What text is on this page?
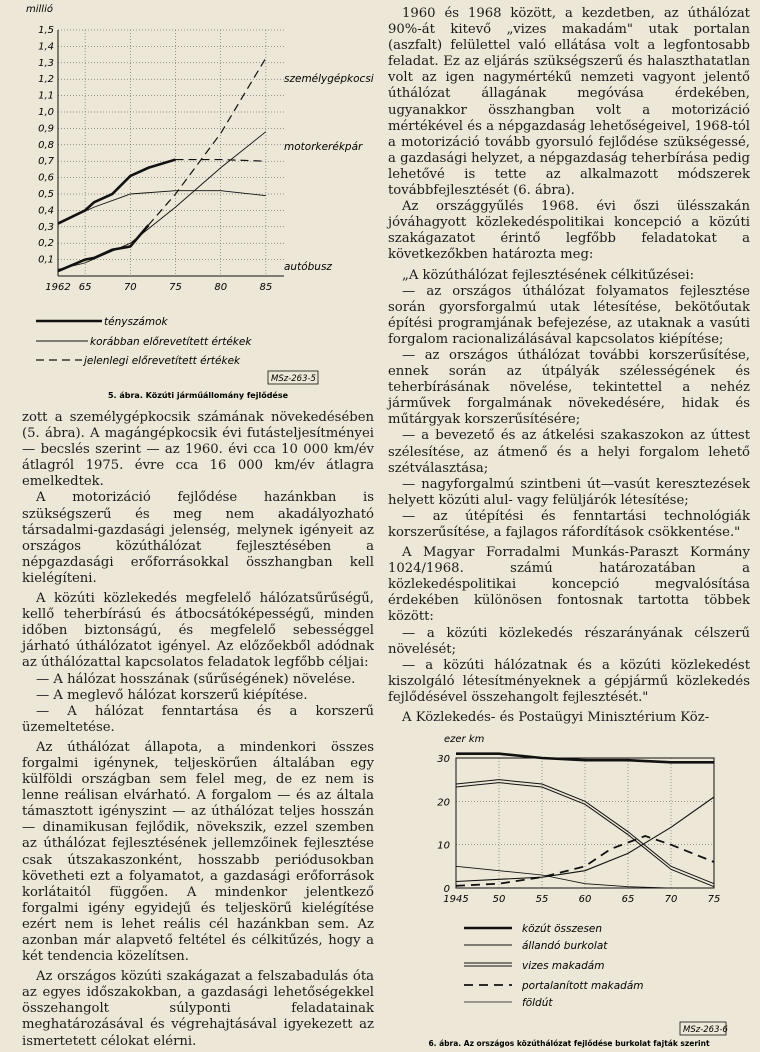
millió
1,5
1,4
1,3
1,2
1,1
1,0
0,9
0,8
0,7
0,6
0,5
0,4
0,3
0,2
0,1
1962 65	70	75	80	85
személygépkocsi
motorkerékpár
autóbusz
tényszámok
korábban előrevetített értékek
jelenlegi előrevetített értékek
MSz-263-5
5. ábra. Közúti járműállomány fejlődése

zott a személygépkocsik számának növekedésében (5. ábra). A magángépkocsik évi futásteljesítményei — becslés szerint — az 1960. évi cca 10 000 km/év átlagról 1975. évre cca 16 000 km/év átlagra emelkedtek.

A motorizáció fejlődése hazánkban is szükségszerű és meg nem akadályozható társadalmi-gazdasági jelenség, melynek igényeit az országos közúthálózat fejlesztésében a népgazdasági erőforrásokkal összhangban kell kielégíteni.

A közúti közlekedés megfelelő hálózatsűrűségű, kellő teherbírású és átbocsátóképességű, minden időben biztonságú, és megfelelő sebességgel járható úthálózatot igényel. Az előzőekből adódnak az úthálózattal kapcsolatos feladatok legfőbb céljai:

— A hálózat hosszának (sűrűségének) növelése.

— A meglevő hálózat korszerű kiépítése.

— A hálózat fenntartása és a korszerű üzemeltetése.

Az úthálózat állapota, a mindenkori összes forgalmi igénynek, teljeskörűen általában egy külföldi országban sem felel meg, de ez nem is lenne reálisan elvárható. A forgalom — és az általa támasztott igényszint — az úthálózat teljes hosszán — dinamikusan fejlődik, növekszik, ezzel szemben az úthálózat fejlesztésének jellemzőinek fejlesztése csak útszakaszonként, hosszabb periódusokban követheti ezt a folyamatot, a gazdasági erőforrások korlátaitól függően. A mindenkor jelentkező forgalmi igény egyidejű és teljeskörű kielégítése ezért nem is lehet reális cél hazánkban sem. Az azonban már alapvető feltétel és célkitűzés, hogy a két tendencia közelítsen.

Az országos közúti szakágazat a felszabadulás óta az egyes időszakokban, a gazdasági lehetőségekkel összehangolt súlyponti feladatainak meghatározásával és végrehajtásával igyekezett az ismertetett célokat elérni.

1960 és 1968 között, a kezdetben, az úthálózat 90%-át kitevő „vizes makadám" utak portalan (aszfalt) felülettel való ellátása volt a legfontosabb feladat. Ez az eljárás szükségszerű és halaszthatatlan volt az igen nagymértékű nemzeti vagyont jelentő úthálózat állagának megóvása érdekében, ugyanakkor összhangban volt a motorizáció mértékével és a népgazdaság lehetőségeivel, 1968-tól a motorizáció tovább gyorsuló fejlődése szükségessé, a gazdasági helyzet, a népgazdaság teherbírása pedig lehetővé is tette az alkalmazott módszerek továbbfejlesztését (6. ábra).

Az országgyűlés 1968. évi őszi ülésszakán jóváhagyott közlekedéspolitikai koncepció a közúti szakágazatot érintő legfőbb feladatokat a következőkben határozta meg:

„A közúthálózat fejlesztésének célkitűzései:

— az országos úthálózat folyamatos fejlesztése során gyorsforgalmú utak létesítése, bekötőutak építési programjának befejezése, az utaknak a vasúti forgalom racionalizálásával kapcsolatos kiépítése;

— az országos úthálózat további korszerűsítése, ennek során az útpályák szélességének és teherbírásának növelése, tekintettel a nehéz járművek forgalmának növekedésére, hidak és műtárgyak korszerűsítésére;

— a bevezető és az átkelési szakaszokon az úttest szélesítése, az átmenő és a helyi forgalom lehető szétválasztása;

— nagyforgalmú szintbeni út—vasút keresztezések helyett közúti alul- vagy felüljárók létesítése;

— az útépítési és fenntartási technológiák korszerűsítése, a fajlagos ráfordítások csökkentése."

A Magyar Forradalmi Munkás-Paraszt Kormány 1024/1968. számú határozatában a közlekedéspolitikai koncepció megvalósítása érdekében különösen fontosnak tartotta többek között:

— a közúti közlekedés részarányának célszerű növelését;

— a közúti hálózatnak és a közúti közlekedést kiszolgáló létesítményeknek a gépjármű közlekedés fejlődésével összehangolt fejlesztését."

A Közlekedés- és Postaügyi Minisztérium Köz-

ezer km
30
20
10
0
1945 50	55	60	65	70	75
közút összesen
állandó burkolat
vizes makadám
portalanított makadám
földút
MSz-263-6
6. ábra. Az országos közúthálózat fejlődése burkolat fajták szerint
